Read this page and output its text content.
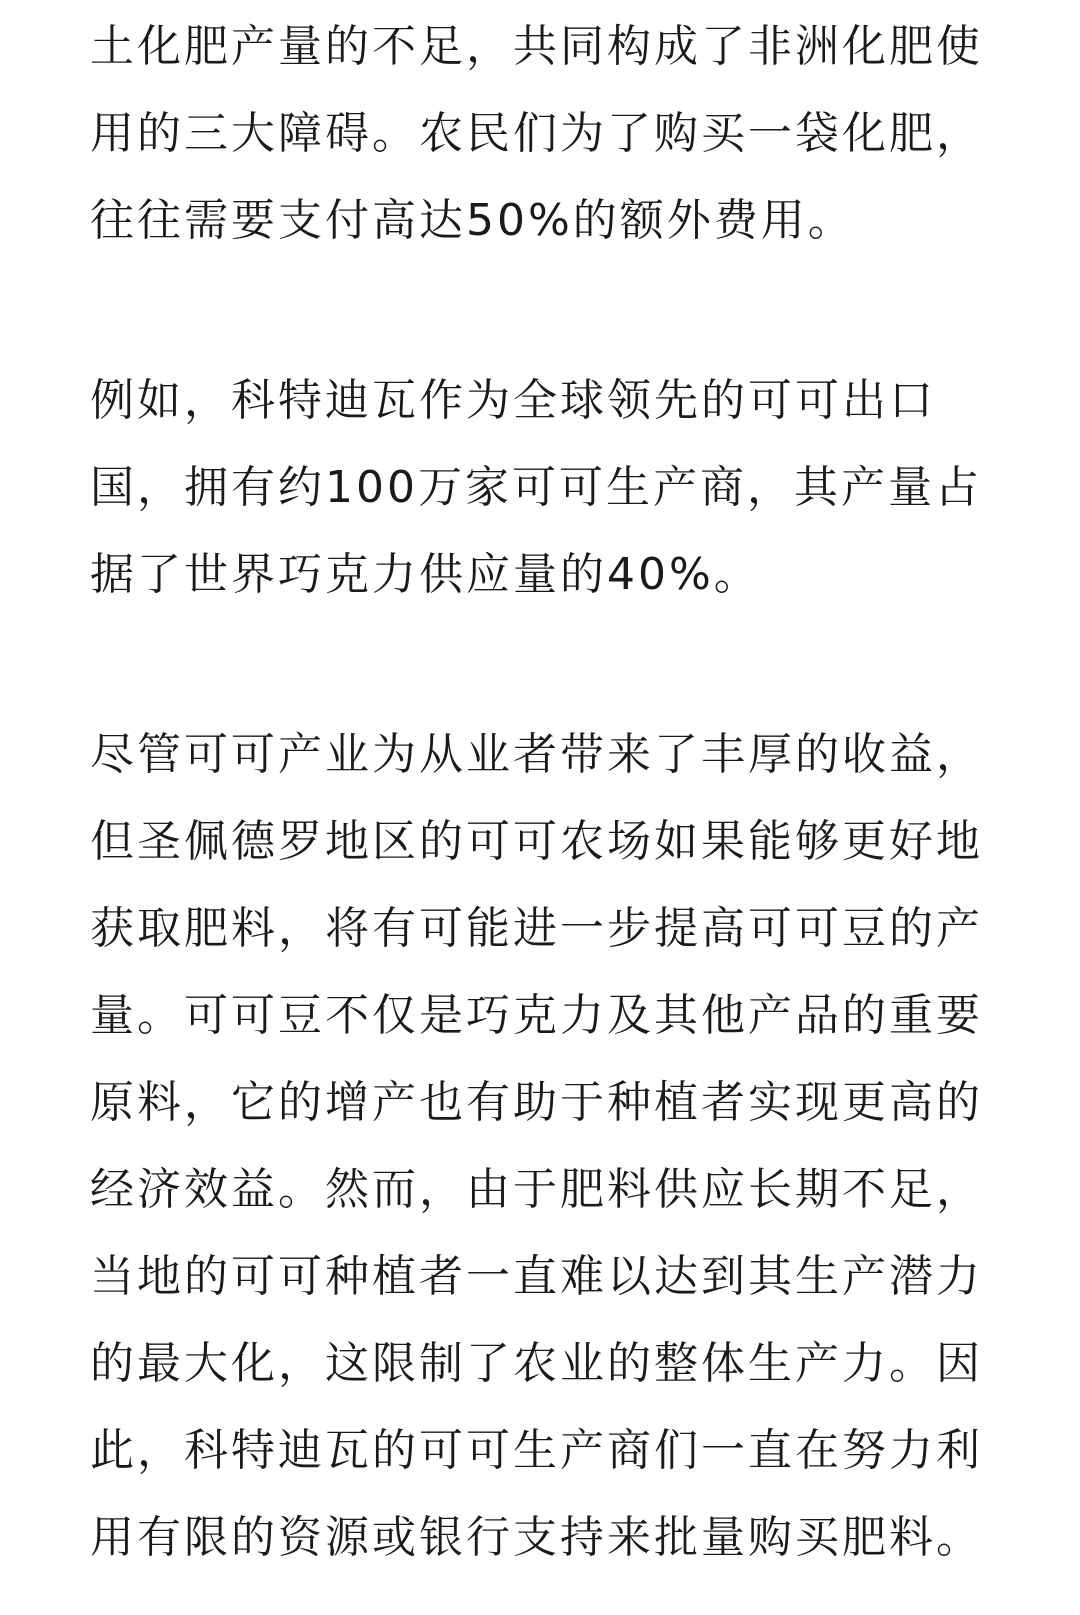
土化肥产量的不足，共同构成了非洲化肥使
用的三大障碍。农民们为了购买一袋化肥，
往往需要支付高达50%的额外费用。
例如，科特迪瓦作为全球领先的可可出口
国，拥有约100万家可可生产商，其产量占
据了世界巧克力供应量的40%。
尽管可可产业为从业者带来了丰厚的收益，
但圣佩德罗地区的可可农场如果能够更好地
获取肥料，将有可能进一步提高可可豆的产
量。可可豆不仅是巧克力及其他产品的重要
原料，它的增产也有助于种植者实现更高的
经济效益。然而，由于肥料供应长期不足，
当地的可可种植者一直难以达到其生产潜力
的最大化，这限制了农业的整体生产力。因
此，科特迪瓦的可可生产商们一直在努力利
用有限的资源或银行支持来批量购买肥料。
